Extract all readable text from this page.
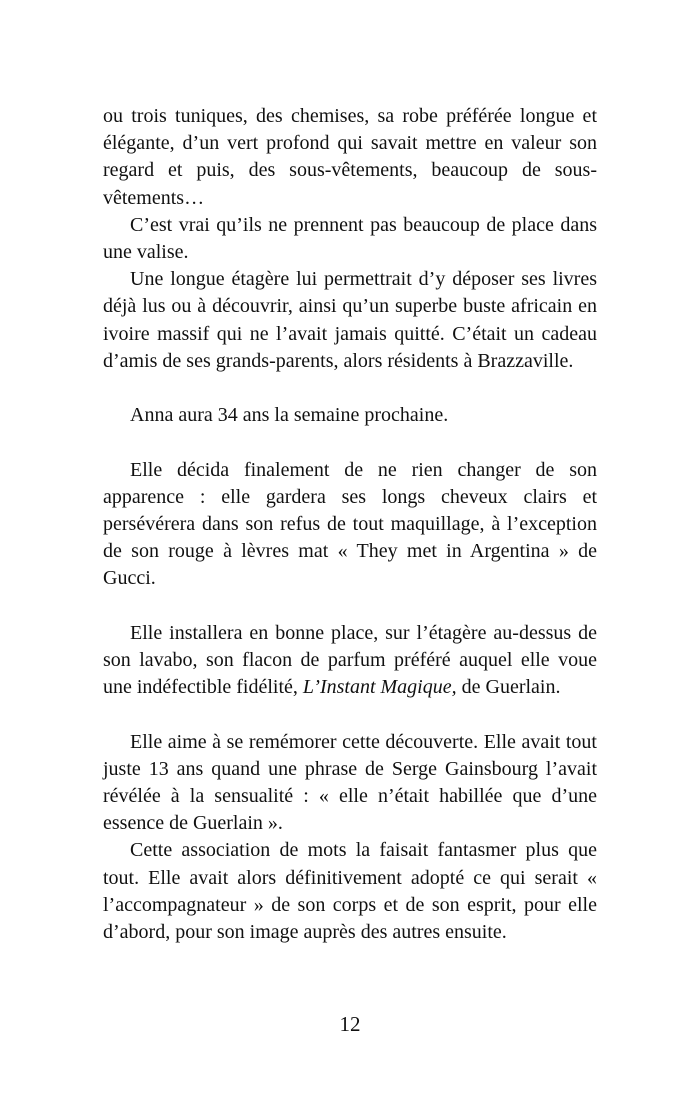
ou trois tuniques, des chemises, sa robe préférée longue et élégante, d’un vert profond qui savait mettre en valeur son regard et puis, des sous-vêtements, beaucoup de sous-vêtements…

C’est vrai qu’ils ne prennent pas beaucoup de place dans une valise.

Une longue étagère lui permettrait d’y déposer ses livres déjà lus ou à découvrir, ainsi qu’un superbe buste africain en ivoire massif qui ne l’avait jamais quitté. C’était un cadeau d’amis de ses grands-parents, alors résidents à Brazzaville.

Anna aura 34 ans la semaine prochaine.

Elle décida finalement de ne rien changer de son apparence : elle gardera ses longs cheveux clairs et persévérera dans son refus de tout maquillage, à l’exception de son rouge à lèvres mat « They met in Argentina » de Gucci.

Elle installera en bonne place, sur l’étagère au-dessus de son lavabo, son flacon de parfum préféré auquel elle voue une indéfectible fidélité, L’Instant Magique, de Guerlain.

Elle aime à se remémorer cette découverte. Elle avait tout juste 13 ans quand une phrase de Serge Gainsbourg l’avait révélée à la sensualité : « elle n’était habillée que d’une essence de Guerlain ».

Cette association de mots la faisait fantasmer plus que tout. Elle avait alors définitivement adopté ce qui serait « l’accompagnateur » de son corps et de son esprit, pour elle d’abord, pour son image auprès des autres ensuite.

12
